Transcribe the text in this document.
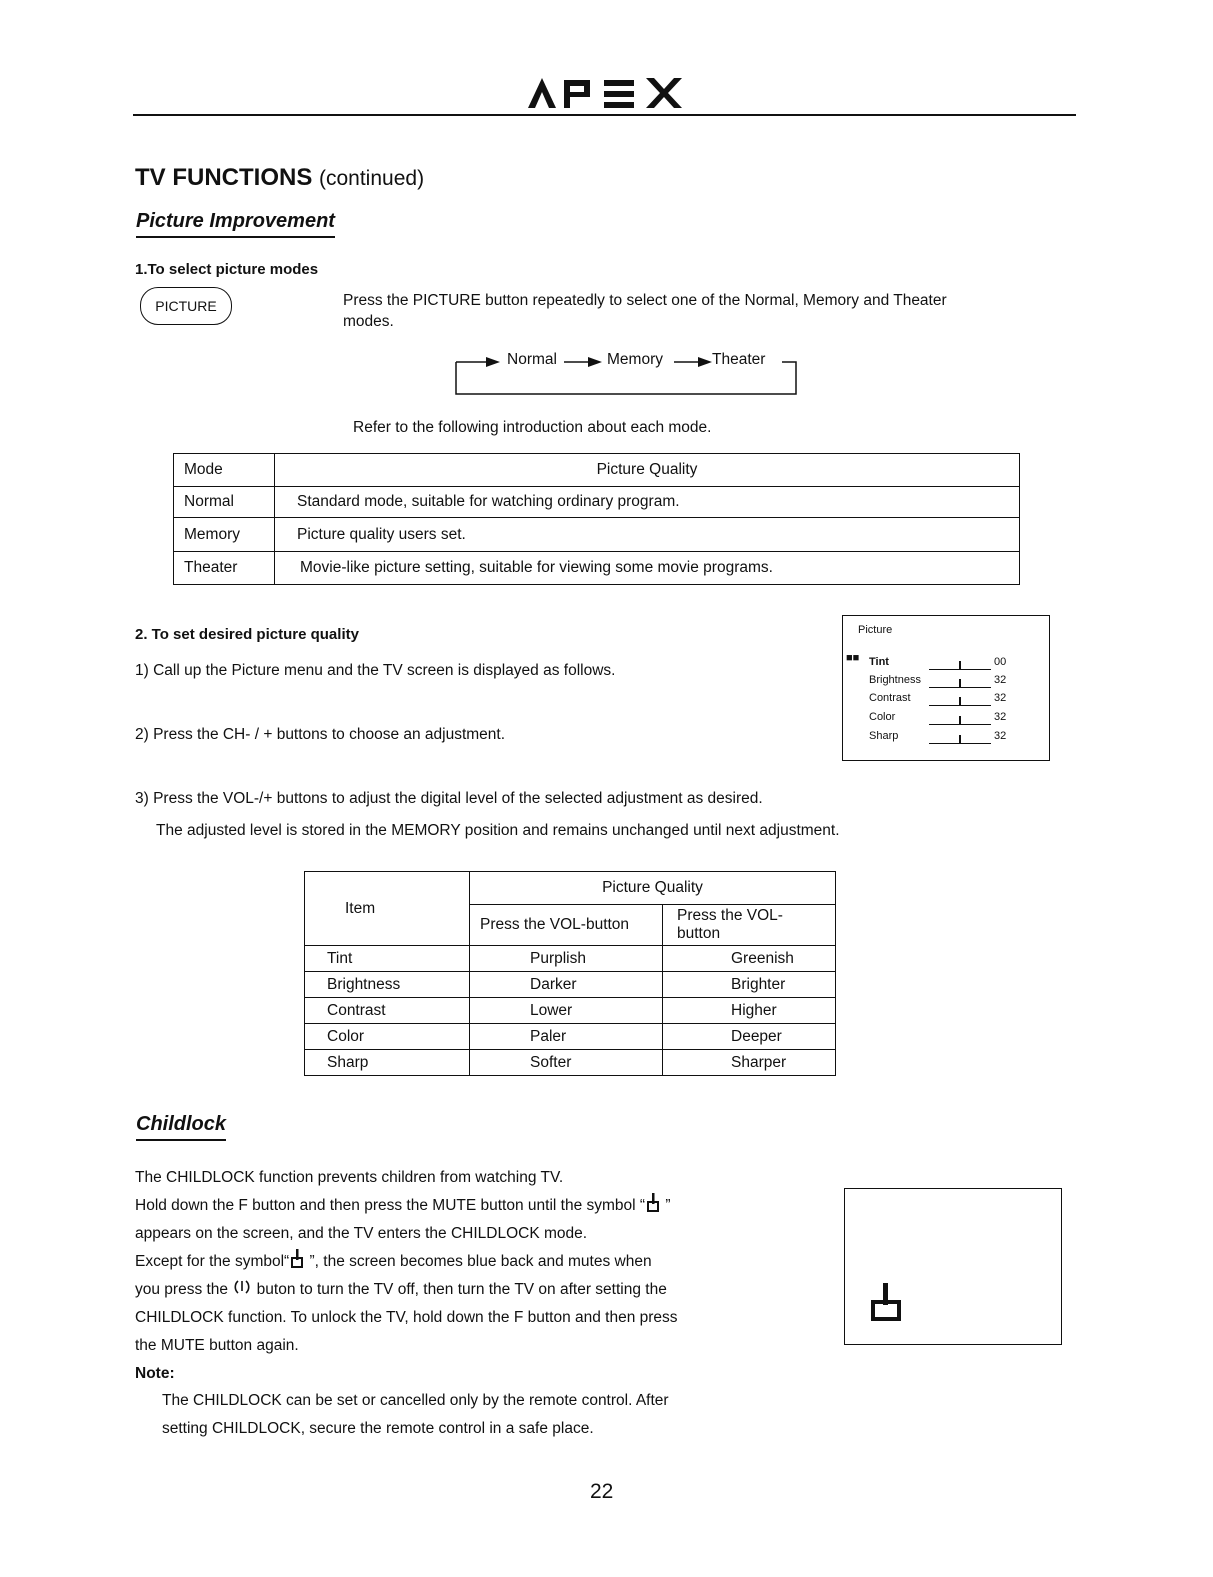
TV FUNCTIONS (continued)
Picture Improvement
1.To select picture modes
PICTURE	Press the PICTURE button repeatedly to select one of the Normal, Memory and Theater
modes.
Normal	Memory	Theater
Refer to the following introduction about each mode.
Mode	Picture Quality
Normal	Standard mode, suitable for watching ordinary program.
Memory	Picture quality users set.
Theater	Movie-like picture setting, suitable for viewing some movie programs.
2. To set desired picture quality
1) Call up the Picture menu and the TV screen is displayed as follows.
2) Press the CH- / + buttons to choose an adjustment.
3) Press the VOL-/+ buttons to adjust the digital level of the selected adjustment as desired.
The adjusted level is stored in the MEMORY position and remains unchanged until next adjustment.
Picture
■■ Tint	00
Brightness	32
Contrast	32
Color	32
Sharp	32
Item	Picture Quality	
	Press the VOL-button	Press the VOL-button
Tint	Purplish	Greenish
Brightness	Darker	Brighter
Contrast	Lower	Higher
Color	Paler	Deeper
Sharp	Softer	Sharper
Childlock
The CHILDLOCK function prevents children from watching TV.
Hold down the F button and then press the MUTE button until the symbol “ ”
appears on the screen, and the TV enters the CHILDLOCK mode.
Except for the symbol“ ”, the screen becomes blue back and mutes when
you press the  buton to turn the TV off, then turn the TV on after setting the
CHILDLOCK function. To unlock the TV, hold down the F button and then press
the MUTE button again.
Note:
The CHILDLOCK can be set or cancelled only by the remote control. After
setting CHILDLOCK, secure the remote control in a safe place.
22
